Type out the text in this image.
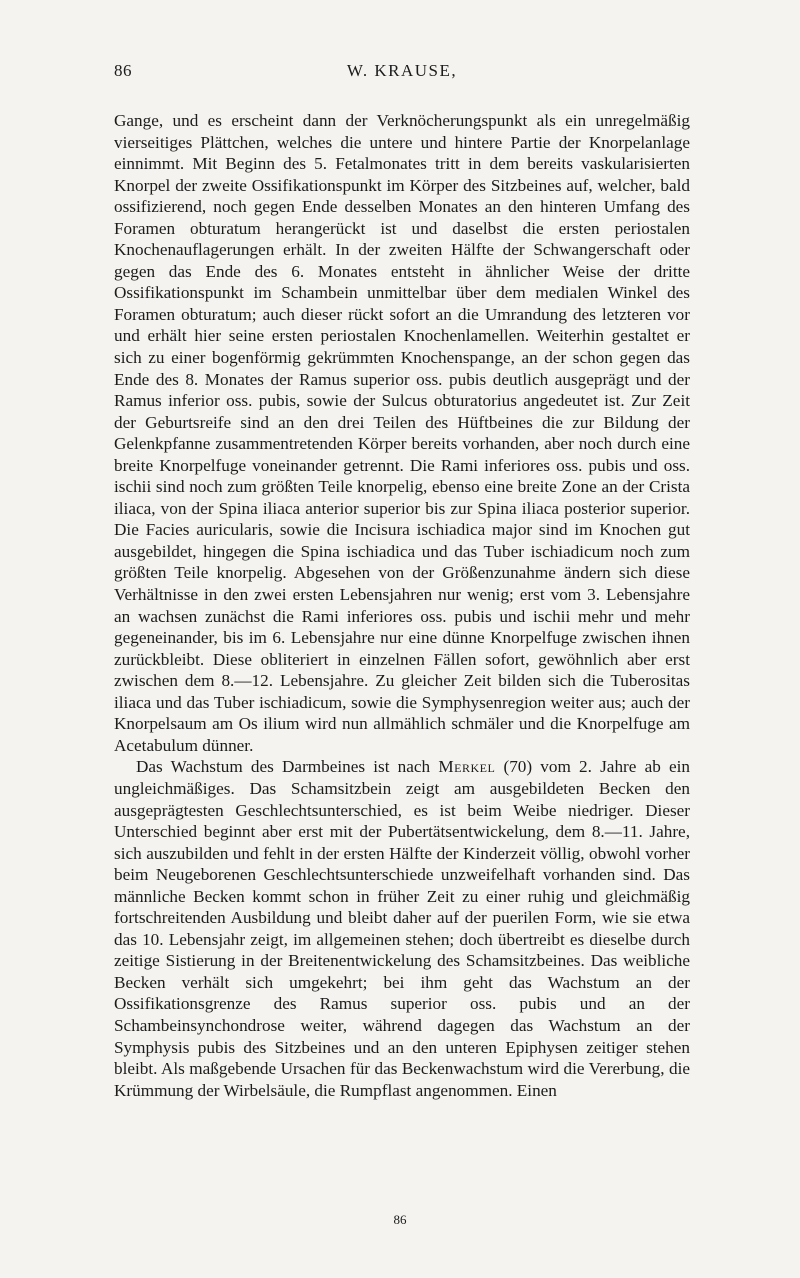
86	W. KRAUSE,

Gange, und es erscheint dann der Verknöcherungspunkt als ein unregelmäßig vierseitiges Plättchen, welches die untere und hintere Partie der Knorpelanlage einnimmt. Mit Beginn des 5. Fetalmonates tritt in dem bereits vaskularisierten Knorpel der zweite Ossifikationspunkt im Körper des Sitzbeines auf, welcher, bald ossifizierend, noch gegen Ende desselben Monates an den hinteren Umfang des Foramen obturatum herangerückt ist und daselbst die ersten periostalen Knochenauflagerungen erhält. In der zweiten Hälfte der Schwangerschaft oder gegen das Ende des 6. Monates entsteht in ähnlicher Weise der dritte Ossifikationspunkt im Schambein unmittelbar über dem medialen Winkel des Foramen obturatum; auch dieser rückt sofort an die Umrandung des letzteren vor und erhält hier seine ersten periostalen Knochenlamellen. Weiterhin gestaltet er sich zu einer bogenförmig gekrümmten Knochenspange, an der schon gegen das Ende des 8. Monates der Ramus superior oss. pubis deutlich ausgeprägt und der Ramus inferior oss. pubis, sowie der Sulcus obturatorius angedeutet ist. Zur Zeit der Geburtsreife sind an den drei Teilen des Hüftbeines die zur Bildung der Gelenkpfanne zusammentretenden Körper bereits vorhanden, aber noch durch eine breite Knorpelfuge voneinander getrennt. Die Rami inferiores oss. pubis und oss. ischii sind noch zum größten Teile knorpelig, ebenso eine breite Zone an der Crista iliaca, von der Spina iliaca anterior superior bis zur Spina iliaca posterior superior. Die Facies auricularis, sowie die Incisura ischiadica major sind im Knochen gut ausgebildet, hingegen die Spina ischiadica und das Tuber ischiadicum noch zum größten Teile knorpelig. Abgesehen von der Größenzunahme ändern sich diese Verhältnisse in den zwei ersten Lebensjahren nur wenig; erst vom 3. Lebensjahre an wachsen zunächst die Rami inferiores oss. pubis und ischii mehr und mehr gegeneinander, bis im 6. Lebensjahre nur eine dünne Knorpelfuge zwischen ihnen zurückbleibt. Diese obliteriert in einzelnen Fällen sofort, gewöhnlich aber erst zwischen dem 8.—12. Lebensjahre. Zu gleicher Zeit bilden sich die Tuberositas iliaca und das Tuber ischiadicum, sowie die Symphysenregion weiter aus; auch der Knorpelsaum am Os ilium wird nun allmählich schmäler und die Knorpelfuge am Acetabulum dünner.

Das Wachstum des Darmbeines ist nach Merkel (70) vom 2. Jahre ab ein ungleichmäßiges. Das Schamsitzbein zeigt am ausgebildeten Becken den ausgeprägtesten Geschlechtsunterschied, es ist beim Weibe niedriger. Dieser Unterschied beginnt aber erst mit der Pubertätsentwickelung, dem 8.—11. Jahre, sich auszubilden und fehlt in der ersten Hälfte der Kinderzeit völlig, obwohl vorher beim Neugeborenen Geschlechtsunterschiede unzweifelhaft vorhanden sind. Das männliche Becken kommt schon in früher Zeit zu einer ruhig und gleichmäßig fortschreitenden Ausbildung und bleibt daher auf der puerilen Form, wie sie etwa das 10. Lebensjahr zeigt, im allgemeinen stehen; doch übertreibt es dieselbe durch zeitige Sistierung in der Breitenentwickelung des Schamsitzbeines. Das weibliche Becken verhält sich umgekehrt; bei ihm geht das Wachstum an der Ossifikationsgrenze des Ramus superior oss. pubis und an der Schambeinsynchondrose weiter, während dagegen das Wachstum an der Symphysis pubis des Sitzbeines und an den unteren Epiphysen zeitiger stehen bleibt. Als maßgebende Ursachen für das Beckenwachstum wird die Vererbung, die Krümmung der Wirbelsäule, die Rumpflast angenommen. Einen

86
